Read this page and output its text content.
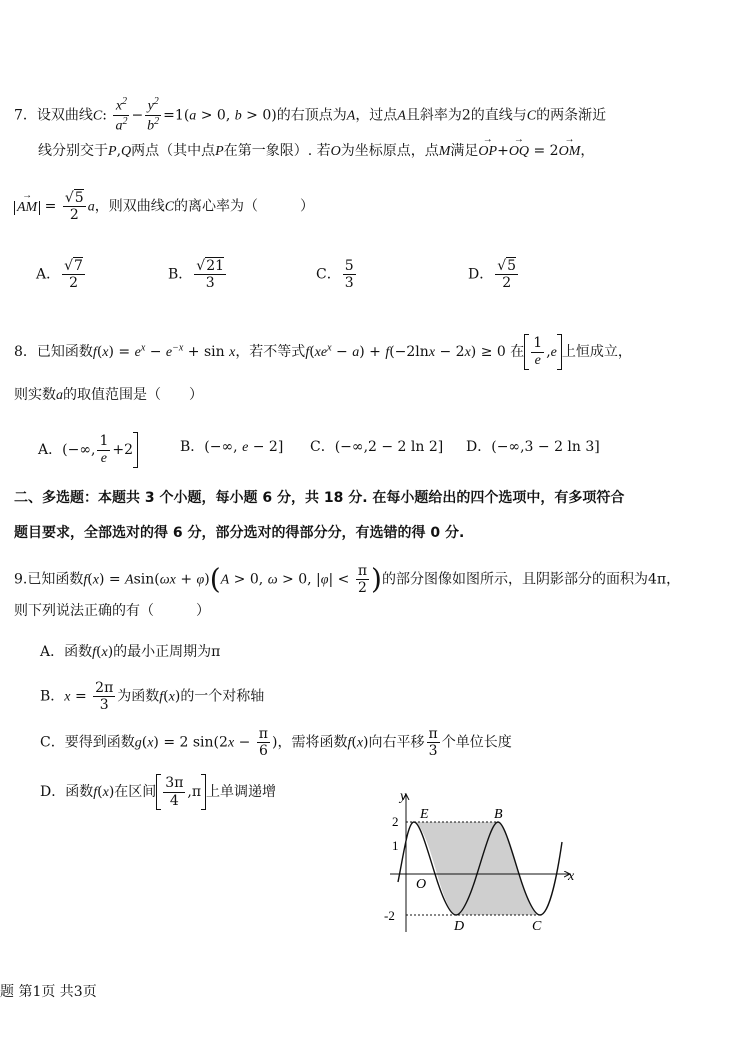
7．设双曲线C: $\frac{x^2}{a^2} - \frac{y^2}{b^2} =1(a > 0$, b > 0)的右顶点为A，过点A且斜率为2的直线与C的两条渐近
线分别交于P,Q两点（其中点P在第一象限）. 若O为坐标原点，点M满足OP →+OQ → = 2OM →，
AM → = $\frac{√5}{2}$ a，则双曲线C的离心率为（　　　）
A． $\frac{√7}{2}$	B． $\frac{√21}{3}$	C． $\frac{5}{3}$	D． $\frac{√5}{2}$
8．已知函数$f(x) = e^x - e^{-x} + \sin x$，若不等式$f(xe^x - a) + f(-2\ln x - 2x) \ge 0$ 在 $\frac{1}{e} ,e$ 上恒成立，
则实数a的取值范围是（　　）
A．(−∞, $\frac{1}{e} +2$	B．(−∞, e − 2] C．(−∞,2 − 2 ln 2] D．(−∞,3 − 2 ln 3]
二、多选题：本题共 3 个小题，每小题 6 分，共 18 分. 在每小题给出的四个选项中，有多项符合
题目要求，全部选对的得 6 分，部分选对的得部分分，有选错的得 0 分.
9.已知函数f(x) = Asin(ωx + φ)(A > 0, ω > 0, $|\varphi| < \frac{\pi}{2}$ )的部分图像如图所示，且阴影部分的面积为4π，
则下列说法正确的有（　　　）
A．函数f(x)的最小正周期为π
B．$x = \frac{2\pi}{3}$ 为函数f(x)的一个对称轴
C．要得到函数g(x) = 2 $\sin(2x - \frac{\pi}{6}$ )，需将函数f(x)向右平移 $\frac{\pi}{3}$ 个单位长度
D．函数f(x)在区间 $\frac{3\pi}{4} ,\pi$ 上单调递增	y
x
O
E	B
C
D
2
1
-2
题 第1页 共3页
